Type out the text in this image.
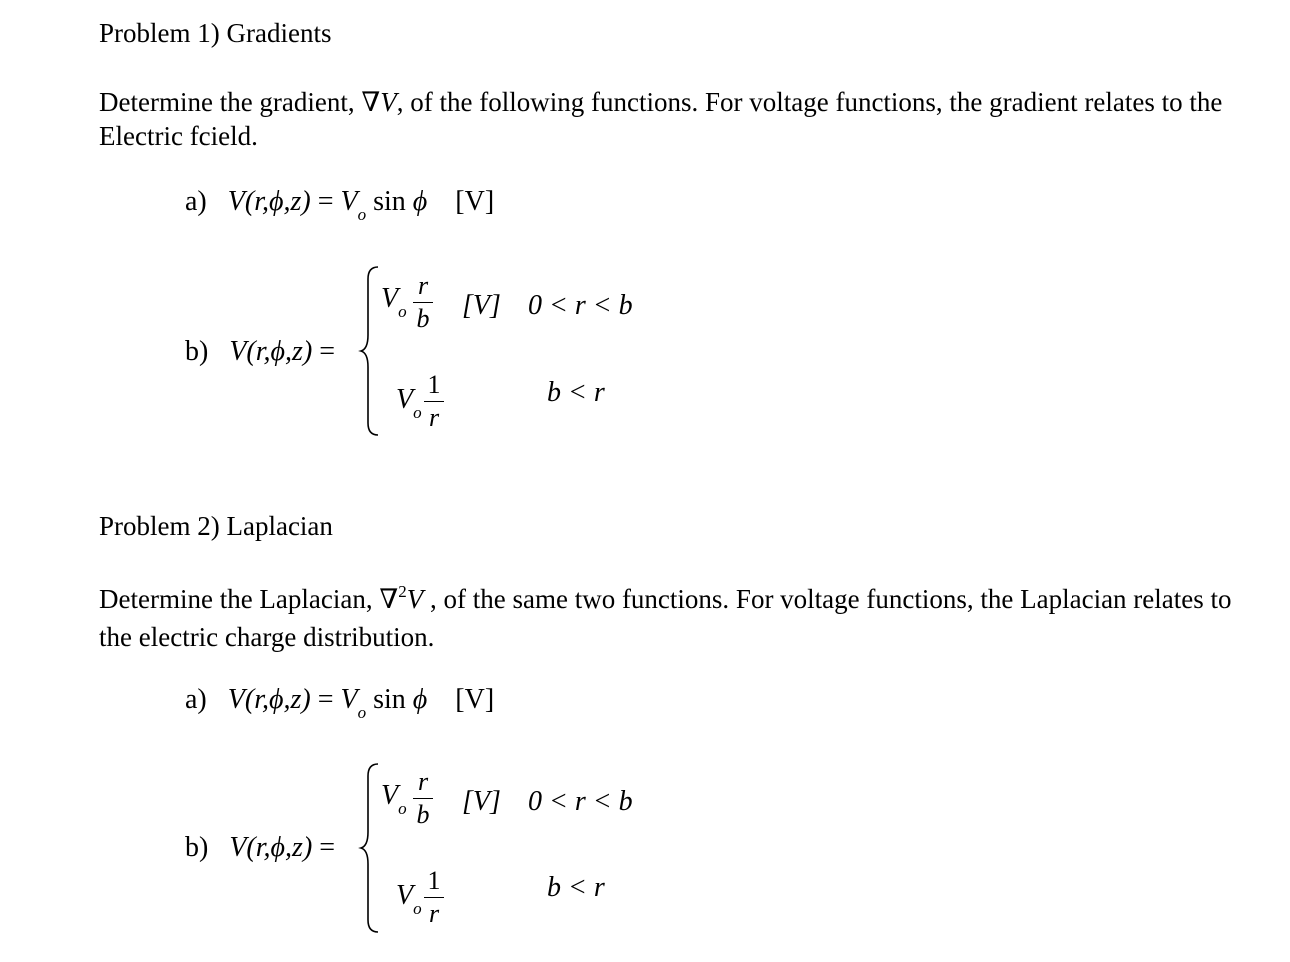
Problem 1) Gradients
Determine the gradient, ∇V, of the following functions. For voltage functions, the gradient relates to the Electric fcield.
a) $V(r,\phi,z) = V_o$ sin ϕ [V]
b) V(r,ϕ,z) =
$V_o$
r
b [V] 0 < r < b
$V_o$
1
r
b < r
Problem 2) Laplacian
Determine the Laplacian, ∇$^2$V , of the same two functions. For voltage functions, the Laplacian relates to the electric charge distribution.
a) $V(r,\phi,z) = V_o$ sin ϕ [V]
b) V(r,ϕ,z) =
$V_o$
r
b [V] 0 < r < b
$V_o$
1
r
b < r
